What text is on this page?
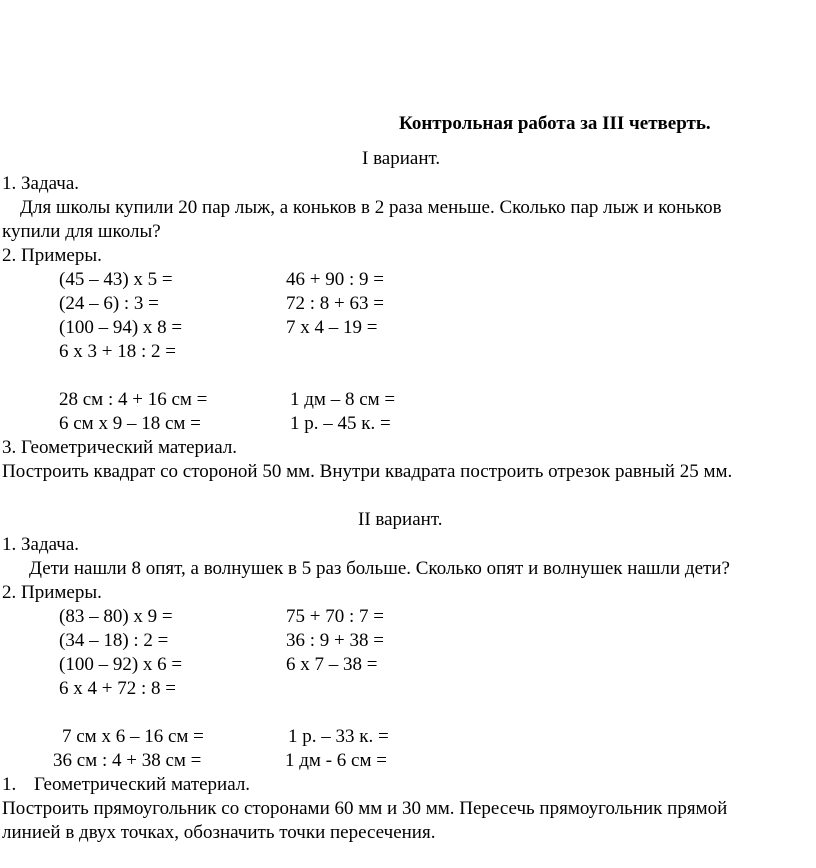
Контрольная работа за III четверть.
I вариант.
1. Задача.
Для школы купили 20 пар лыж, а коньков в 2 раза меньше. Сколько пар лыж и коньков
купили для школы?
2. Примеры.
(45 – 43) х 5 =	46 + 90 : 9 =
(24 – 6) : 3 =	72 : 8 + 63 =
(100 – 94) х 8 =	7 х 4 – 19 =
6 х 3 + 18 : 2 =
28 см : 4 + 16 см =	1 дм – 8 см =
6 см х 9 – 18 см =	1 р. – 45 к. =
3. Геометрический материал.
Построить квадрат со стороной 50 мм. Внутри квадрата построить отрезок равный 25 мм.
II вариант.
1. Задача.
Дети нашли 8 опят, а волнушек в 5 раз больше. Сколько опят и волнушек нашли дети?
2. Примеры.
(83 – 80) х 9 =	75 + 70 : 7 =
(34 – 18) : 2 =	36 : 9 + 38 =
(100 – 92) х 6 =	6 х 7 – 38 =
6 х 4 + 72 : 8 =
7 см х 6 – 16 см =	1 р. – 33 к. =
36 см : 4 + 38 см =	1 дм - 6 см =
1. Геометрический материал.
Построить прямоугольник со сторонами 60 мм и 30 мм. Пересечь прямоугольник прямой
линией в двух точках, обозначить точки пересечения.
